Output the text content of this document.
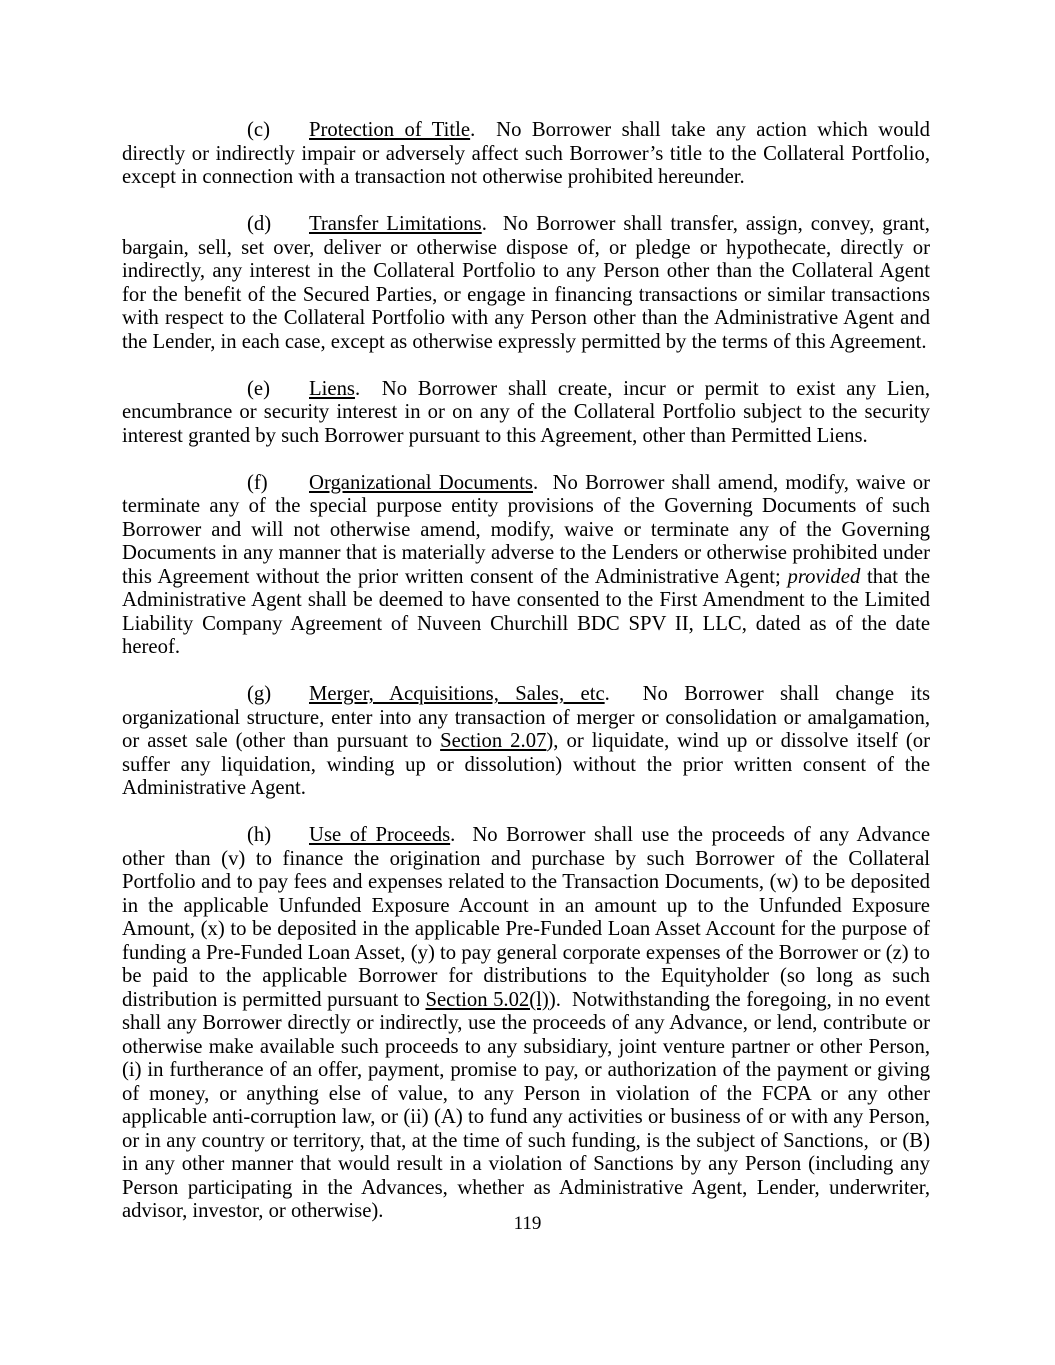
(c) Protection of Title.  No Borrower shall take any action which would directly or indirectly impair or adversely affect such Borrower’s title to the Collateral Portfolio, except in connection with a transaction not otherwise prohibited hereunder.

(d) Transfer Limitations.  No Borrower shall transfer, assign, convey, grant, bargain, sell, set over, deliver or otherwise dispose of, or pledge or hypothecate, directly or indirectly, any interest in the Collateral Portfolio to any Person other than the Collateral Agent for the benefit of the Secured Parties, or engage in financing transactions or similar transactions with respect to the Collateral Portfolio with any Person other than the Administrative Agent and the Lender, in each case, except as otherwise expressly permitted by the terms of this Agreement.

(e) Liens.  No Borrower shall create, incur or permit to exist any Lien, encumbrance or security interest in or on any of the Collateral Portfolio subject to the security interest granted by such Borrower pursuant to this Agreement, other than Permitted Liens.

(f) Organizational Documents.  No Borrower shall amend, modify, waive or terminate any of the special purpose entity provisions of the Governing Documents of such Borrower and will not otherwise amend, modify, waive or terminate any of the Governing Documents in any manner that is materially adverse to the Lenders or otherwise prohibited under this Agreement without the prior written consent of the Administrative Agent; provided that the Administrative Agent shall be deemed to have consented to the First Amendment to the Limited Liability Company Agreement of Nuveen Churchill BDC SPV II, LLC, dated as of the date hereof.

(g) Merger, Acquisitions, Sales, etc.  No Borrower shall change its organizational structure, enter into any transaction of merger or consolidation or amalgamation, or asset sale (other than pursuant to Section 2.07), or liquidate, wind up or dissolve itself (or suffer any liquidation, winding up or dissolution) without the prior written consent of the Administrative Agent.

(h) Use of Proceeds.  No Borrower shall use the proceeds of any Advance other than (v) to finance the origination and purchase by such Borrower of the Collateral Portfolio and to pay fees and expenses related to the Transaction Documents, (w) to be deposited in the applicable Unfunded Exposure Account in an amount up to the Unfunded Exposure Amount, (x) to be deposited in the applicable Pre-Funded Loan Asset Account for the purpose of funding a Pre-Funded Loan Asset, (y) to pay general corporate expenses of the Borrower or (z) to be paid to the applicable Borrower for distributions to the Equityholder (so long as such distribution is permitted pursuant to Section 5.02(l)).  Notwithstanding the foregoing, in no event shall any Borrower directly or indirectly, use the proceeds of any Advance, or lend, contribute or otherwise make available such proceeds to any subsidiary, joint venture partner or other Person, (i) in furtherance of an offer, payment, promise to pay, or authorization of the payment or giving of money, or anything else of value, to any Person in violation of the FCPA or any other applicable anti-corruption law, or (ii) (A) to fund any activities or business of or with any Person, or in any country or territory, that, at the time of such funding, is the subject of Sanctions,  or (B) in any other manner that would result in a violation of Sanctions by any Person (including any Person participating in the Advances, whether as Administrative Agent, Lender, underwriter, advisor, investor, or otherwise).

119
